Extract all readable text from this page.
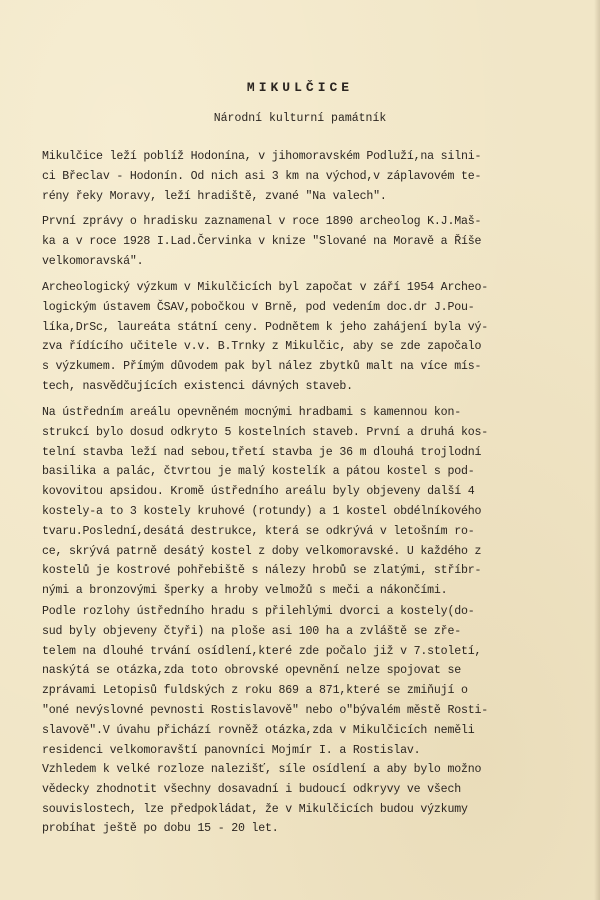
MIKULČICE

Národní kulturní památník

Mikulčice leží poblíž Hodonína, v jihomoravském Podluží,na silni-
ci Břeclav - Hodonín. Od nich asi 3 km na východ,v záplavovém te-
rény řeky Moravy, leží hradiště, zvané "Na valech".
První zprávy o hradisku zaznamenal v roce 1890 archeolog K.J.Maš-
ka a v roce 1928 I.Lad.Červinka v knize "Slované na Moravě a Říše
velkomoravská".
Archeologický výzkum v Mikulčicích byl započat v září 1954 Archeo-
logickým ústavem ČSAV,pobočkou v Brně, pod vedením doc.dr J.Pou-
líka,DrSc, laureáta státní ceny. Podnětem k jeho zahájení byla vý-
zva řídícího učitele v.v. B.Trnky z Mikulčic, aby se zde započalo
s výzkumem. Přímým důvodem pak byl nález zbytků malt na více mís-
tech, nasvědčujících existenci dávných staveb.
Na ústředním areálu opevněném mocnými hradbami s kamennou kon-
strukcí bylo dosud odkryto 5 kostelních staveb. První a druhá kos-
telní stavba leží nad sebou,třetí stavba je 36 m dlouhá trojlodní
basilika a palác, čtvrtou je malý kostelík a pátou kostel s pod-
kovovitou apsidou. Kromě ústředního areálu byly objeveny další 4
kostely-a to 3 kostely kruhové (rotundy) a 1 kostel obdélníkového
tvaru.Poslední,desátá destrukce, která se odkrývá v letošním ro-
ce, skrývá patrně desátý kostel z doby velkomoravské. U každého z
kostelů je kostrové pohřebiště s nálezy hrobů se zlatými, stříbr-
nými a bronzovými šperky a hroby velmožů s meči a nákončími.
Podle rozlohy ústředního hradu s přilehlými dvorci a kostely(do-
sud byly objeveny čtyři) na ploše asi 100 ha a zvláště se zře-
telem na dlouhé trvání osídlení,které zde počalo již v 7.století,
naskýtá se otázka,zda toto obrovské opevnění nelze spojovat se
zprávami Letopisů fuldských z roku 869 a 871,které se zmiňují o
"oné nevýslovné pevnosti Rostislavově" nebo o"bývalém městě Rosti-
slavově".V úvahu přichází rovněž otázka,zda v Mikulčicích neměli
residenci velkomoravští panovníci Mojmír I. a Rostislav.
Vzhledem k velké rozloze nalezišť, síle osídlení a aby bylo možno
vědecky zhodnotit všechny dosavadní i budoucí odkryvy ve všech
souvislostech, lze předpokládat, že v Mikulčicích budou výzkumy
probíhat ještě po dobu 15 - 20 let.
